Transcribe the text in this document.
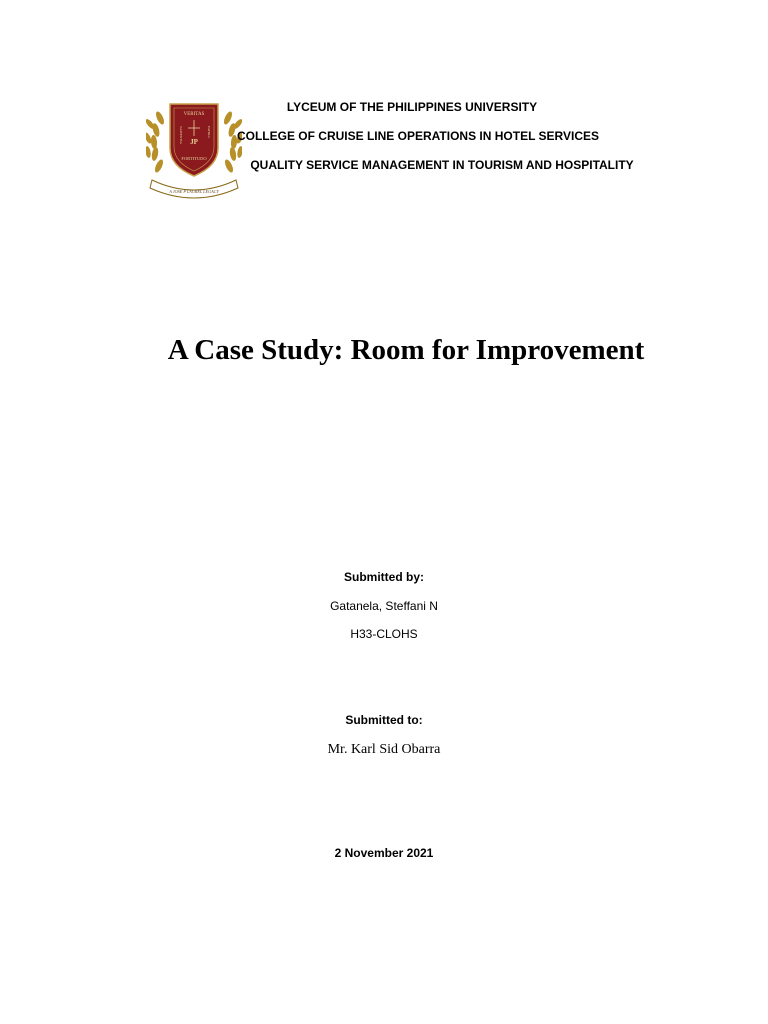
VERITAS
JP
FORTITUDO
SAPIENTIA	PATRIA
A JOSE P LAUREL LEGACY
LYCEUM OF THE PHILIPPINES UNIVERSITY
COLLEGE OF CRUISE LINE OPERATIONS IN HOTEL SERVICES
QUALITY SERVICE MANAGEMENT IN TOURISM AND HOSPITALITY
A Case Study: Room for Improvement
Submitted by:
Gatanela, Steffani N
H33-CLOHS
Submitted to:
Mr. Karl Sid Obarra
2 November 2021
